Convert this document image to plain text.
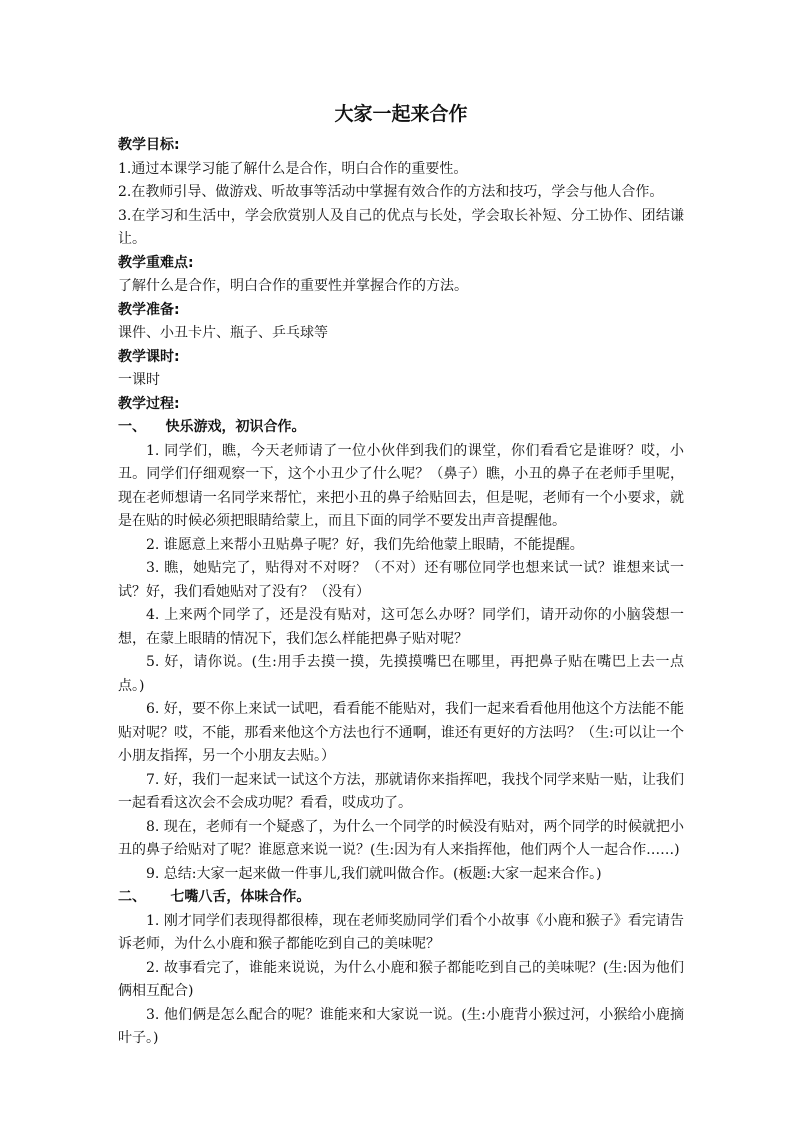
大家一起来合作
教学目标:
1.通过本课学习能了解什么是合作，明白合作的重要性。
2.在教师引导、做游戏、听故事等活动中掌握有效合作的方法和技巧，学会与他人合作。
3.在学习和生活中，学会欣赏别人及自己的优点与长处，学会取长补短、分工协作、团结谦让。
教学重难点:
了解什么是合作，明白合作的重要性并掌握合作的方法。
教学准备:
课件、小丑卡片、瓶子、乒乓球等
教学课时:
一课时
教学过程:
一、    快乐游戏，初识合作。
1. 同学们，瞧，今天老师请了一位小伙伴到我们的课堂，你们看看它是谁呀？哎，小丑。同学们仔细观察一下，这个小丑少了什么呢？（鼻子）瞧，小丑的鼻子在老师手里呢，现在老师想请一名同学来帮忙，来把小丑的鼻子给贴回去，但是呢，老师有一个小要求，就是在贴的时候必须把眼睛给蒙上，而且下面的同学不要发出声音提醒他。
2. 谁愿意上来帮小丑贴鼻子呢？好，我们先给他蒙上眼睛，不能提醒。
3. 瞧，她贴完了，贴得对不对呀？（不对）还有哪位同学也想来试一试？谁想来试一试？好，我们看她贴对了没有？（没有）
4. 上来两个同学了，还是没有贴对，这可怎么办呀？同学们，请开动你的小脑袋想一想，在蒙上眼睛的情况下，我们怎么样能把鼻子贴对呢？
5. 好，请你说。(生:用手去摸一摸，先摸摸嘴巴在哪里，再把鼻子贴在嘴巴上去一点点。)
6. 好，要不你上来试一试吧，看看能不能贴对，我们一起来看看他用他这个方法能不能贴对呢？哎，不能，那看来他这个方法也行不通啊，谁还有更好的方法吗？（生:可以让一个小朋友指挥，另一个小朋友去贴。）
7. 好，我们一起来试一试这个方法，那就请你来指挥吧，我找个同学来贴一贴，让我们一起看看这次会不会成功呢？看看，哎成功了。
8. 现在，老师有一个疑惑了，为什么一个同学的时候没有贴对，两个同学的时候就把小丑的鼻子给贴对了呢？谁愿意来说一说？(生:因为有人来指挥他，他们两个人一起合作……)
9. 总结:大家一起来做一件事儿,我们就叫做合作。(板题:大家一起来合作。)
二、     七嘴八舌，体味合作。
1. 刚才同学们表现得都很棒，现在老师奖励同学们看个小故事《小鹿和猴子》看完请告诉老师，为什么小鹿和猴子都能吃到自己的美味呢？
2. 故事看完了，谁能来说说，为什么小鹿和猴子都能吃到自己的美味呢？(生:因为他们俩相互配合)
3. 他们俩是怎么配合的呢？谁能来和大家说一说。(生:小鹿背小猴过河，小猴给小鹿摘叶子。)
